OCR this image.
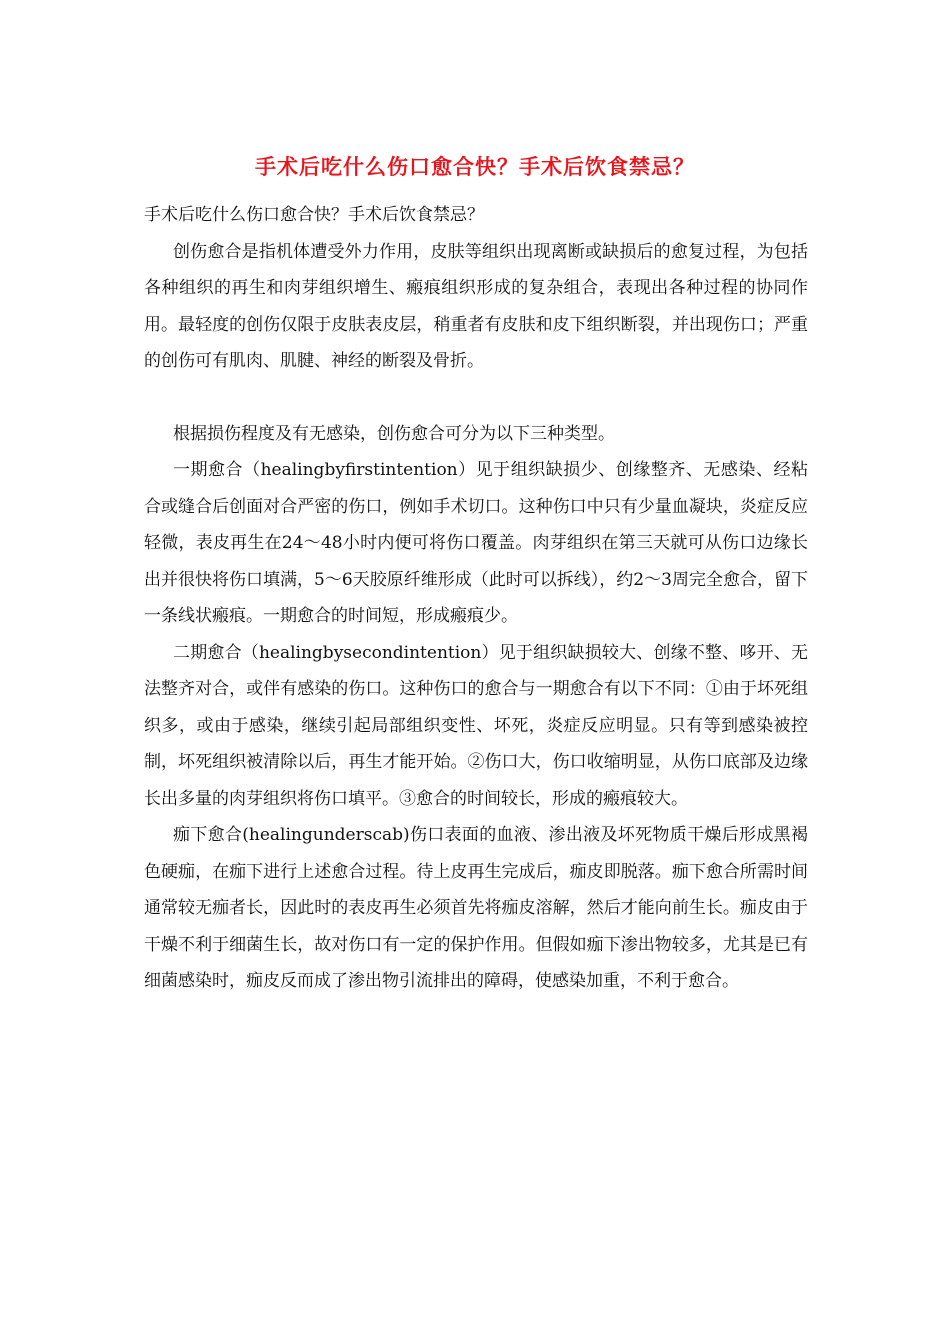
手术后吃什么伤口愈合快？手术后饮食禁忌？

手术后吃什么伤口愈合快？手术后饮食禁忌？

创伤愈合是指机体遭受外力作用，皮肤等组织出现离断或缺损后的愈复过程，为包括各种组织的再生和肉芽组织增生、瘢痕组织形成的复杂组合，表现出各种过程的协同作用。最轻度的创伤仅限于皮肤表皮层，稍重者有皮肤和皮下组织断裂，并出现伤口；严重的创伤可有肌肉、肌腱、神经的断裂及骨折。

根据损伤程度及有无感染，创伤愈合可分为以下三种类型。

一期愈合（healingbyfirstintention）见于组织缺损少、创缘整齐、无感染、经粘合或缝合后创面对合严密的伤口，例如手术切口。这种伤口中只有少量血凝块，炎症反应轻微，表皮再生在24～48小时内便可将伤口覆盖。肉芽组织在第三天就可从伤口边缘长出并很快将伤口填满，5～6天胶原纤维形成（此时可以拆线），约2～3周完全愈合，留下一条线状瘢痕。一期愈合的时间短，形成瘢痕少。

二期愈合（healingbysecondintention）见于组织缺损较大、创缘不整、哆开、无法整齐对合，或伴有感染的伤口。这种伤口的愈合与一期愈合有以下不同：①由于坏死组织多，或由于感染，继续引起局部组织变性、坏死，炎症反应明显。只有等到感染被控制，坏死组织被清除以后，再生才能开始。②伤口大，伤口收缩明显，从伤口底部及边缘长出多量的肉芽组织将伤口填平。③愈合的时间较长，形成的瘢痕较大。

痂下愈合(healingunderscab)伤口表面的血液、渗出液及坏死物质干燥后形成黑褐色硬痂，在痂下进行上述愈合过程。待上皮再生完成后，痂皮即脱落。痂下愈合所需时间通常较无痂者长，因此时的表皮再生必须首先将痂皮溶解，然后才能向前生长。痂皮由于干燥不利于细菌生长，故对伤口有一定的保护作用。但假如痂下渗出物较多，尤其是已有细菌感染时，痂皮反而成了渗出物引流排出的障碍，使感染加重，不利于愈合。
